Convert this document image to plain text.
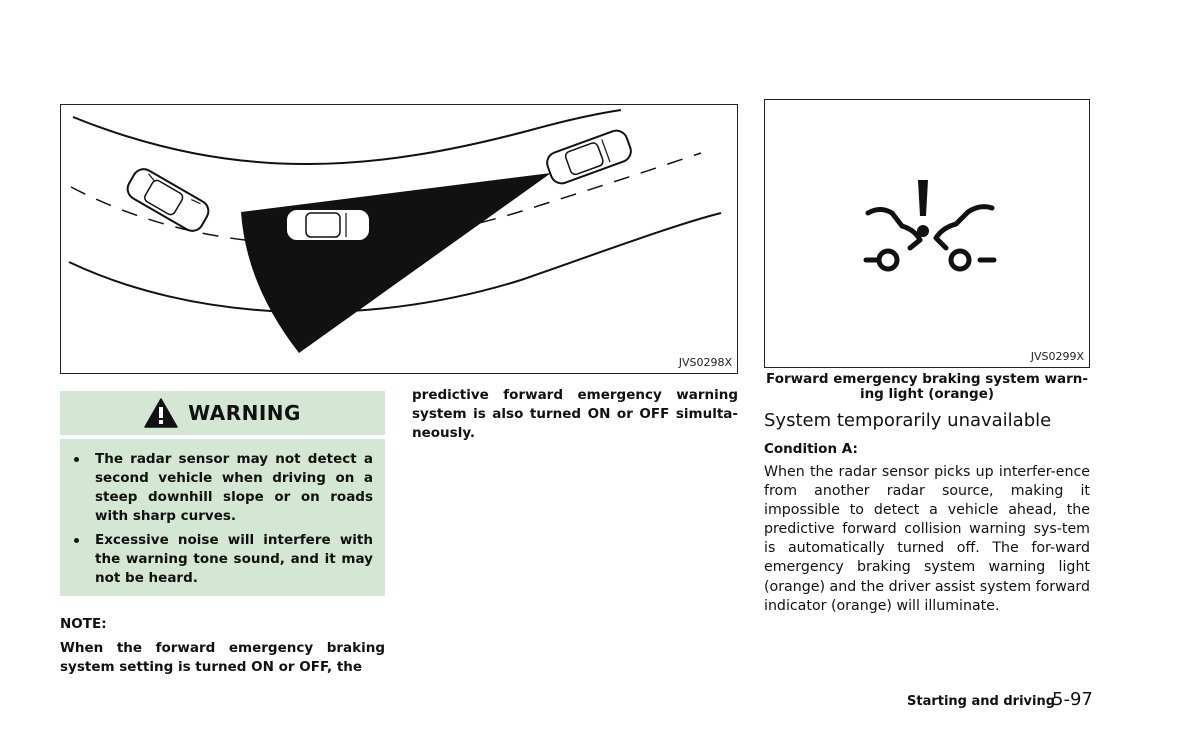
JVS0298X	JVS0299X
Forward emergency braking system warn-ing light (orange)
WARNING
The radar sensor may not detect a second vehicle when driving on a steep downhill slope or on roads with sharp curves.
Excessive noise will interfere with the warning tone sound, and it may not be heard.
NOTE:
When the forward emergency braking system setting is turned ON or OFF, the
predictive forward emergency warning system is also turned ON or OFF simulta-neously.
System temporarily unavailable
Condition A:
When the radar sensor picks up interfer-ence from another radar source, making it impossible to detect a vehicle ahead, the predictive forward collision warning sys-tem is automatically turned off. The for-ward emergency braking system warning light (orange) and the driver assist system forward indicator (orange) will illuminate.
Starting and driving
5-97
